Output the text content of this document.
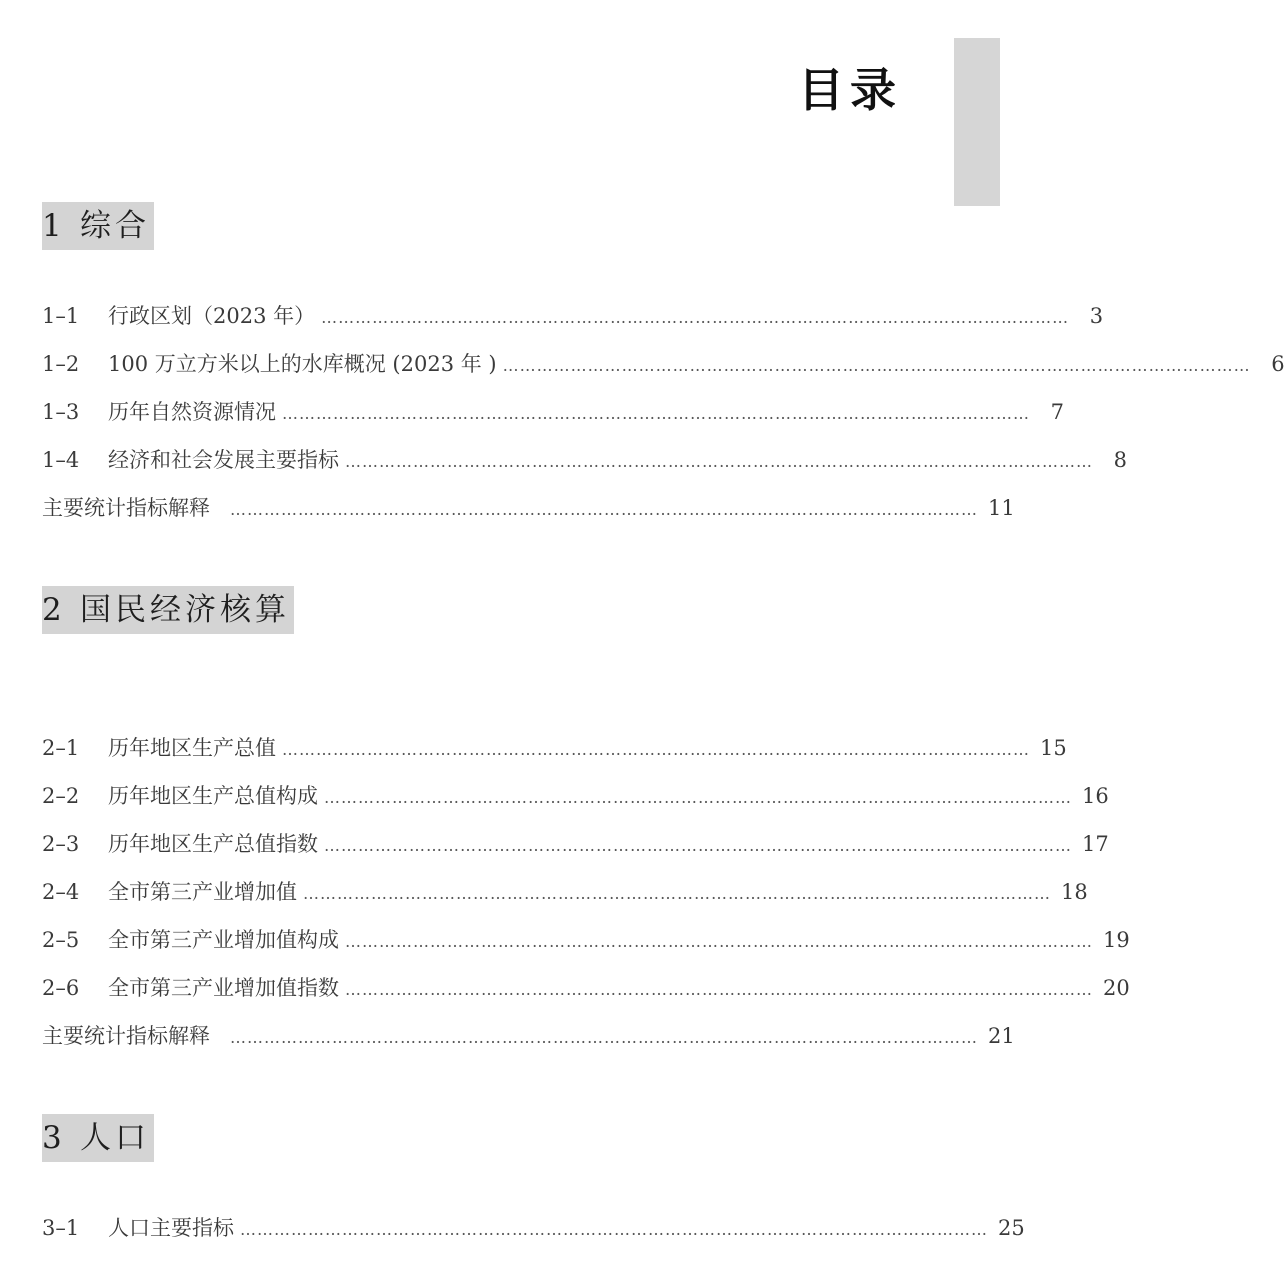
目录
1 综合
1–1	行政区划（2023 年） …………………………………………………………………………………………………………………… 3
1–2	100 万立方米以上的水库概况 (2023 年 ) …………………………………………………………………………………………………………………… 6
1–3	历年自然资源情况 …………………………………………………………………………………………………………………… 7
1–4	经济和社会发展主要指标 …………………………………………………………………………………………………………………… 8
主要统计指标解释 …………………………………………………………………………………………………………………… 11
2 国民经济核算
2–1	历年地区生产总值 …………………………………………………………………………………………………………………… 15
2–2	历年地区生产总值构成 …………………………………………………………………………………………………………………… 16
2–3	历年地区生产总值指数 …………………………………………………………………………………………………………………… 17
2–4	全市第三产业增加值 …………………………………………………………………………………………………………………… 18
2–5	全市第三产业增加值构成 …………………………………………………………………………………………………………………… 19
2–6	全市第三产业增加值指数 …………………………………………………………………………………………………………………… 20
主要统计指标解释 …………………………………………………………………………………………………………………… 21
3 人口
3–1	人口主要指标 …………………………………………………………………………………………………………………… 25
